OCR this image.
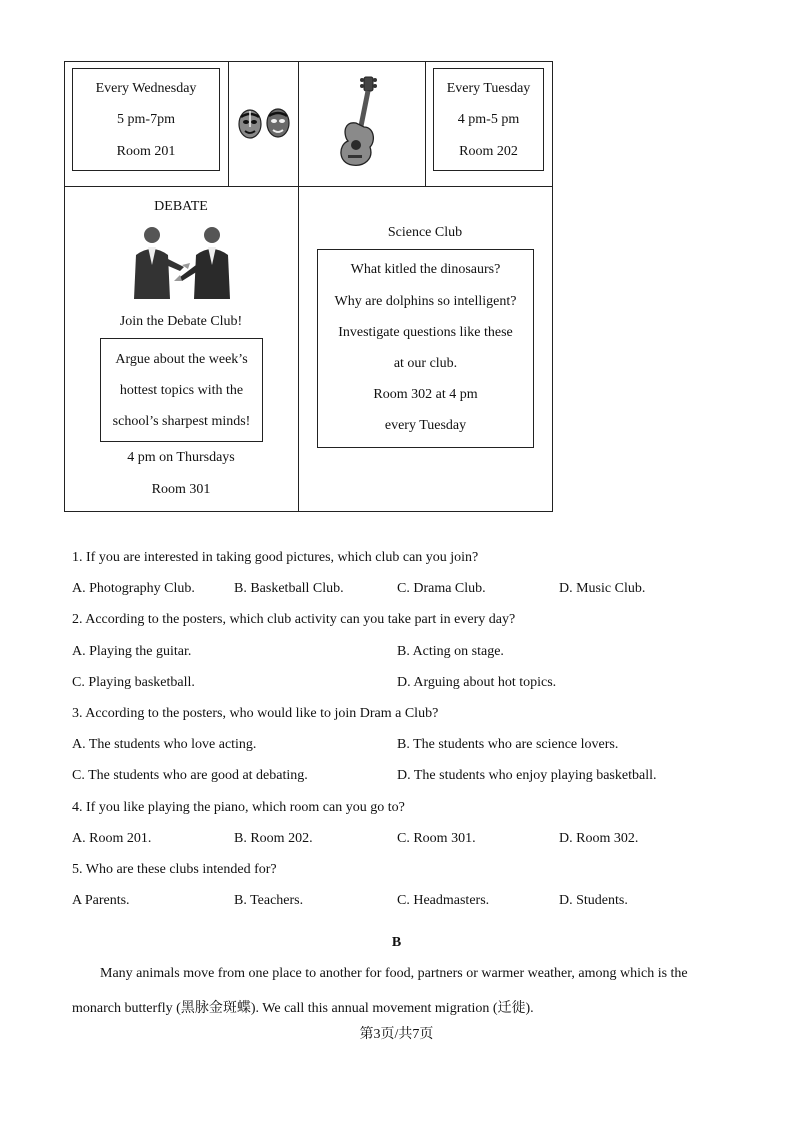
Every Wednesday
5 pm-7pm
Room 201
Every Tuesday
4 pm-5 pm
Room 202
DEBATE
Join the Debate Club!
Argue about the week’s
hottest topics with the
school’s sharpest minds!
4 pm on Thursdays
Room 301
Science Club
What kitled the dinosaurs?
Why are dolphins so intelligent?
Investigate questions like these
at our club.
Room 302 at 4 pm
every Tuesday
1. If you are interested in taking good pictures, which club can you join?
A. Photography Club.	B. Basketball Club.	C. Drama Club.	D. Music Club.
2. According to the posters, which club activity can you take part in every day?
A. Playing the guitar.	B. Acting on stage.
C. Playing basketball.	D. Arguing about hot topics.
3. According to the posters, who would like to join Dram a Club?
A. The students who love acting.	B. The students who are science lovers.
C. The students who are good at debating.	D. The students who enjoy playing basketball.
4. If you like playing the piano, which room can you go to?
A. Room 201.	B. Room 202.	C. Room 301.	D. Room 302.
5. Who are these clubs intended for?
A Parents.	B. Teachers.	C. Headmasters.	D. Students.
B
Many animals move from one place to another for food, partners or warmer weather, among which is the
monarch butterfly (黑脉金斑蝶). We call this annual movement migration (迁徙).
第3页/共7页
